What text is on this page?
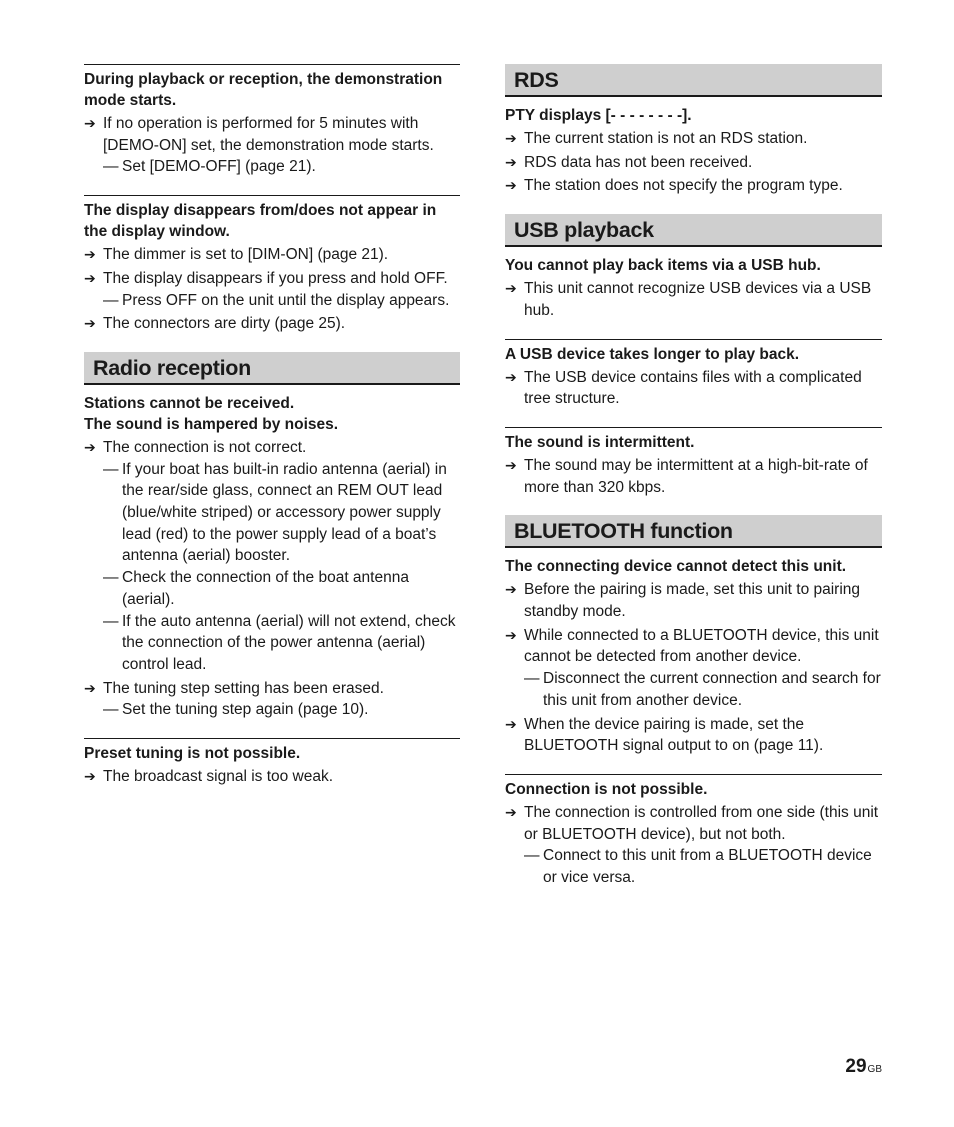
During playback or reception, the demonstration mode starts.
➔ If no operation is performed for 5 minutes with [DEMO-ON] set, the demonstration mode starts.
— Set [DEMO-OFF] (page 21).
The display disappears from/does not appear in the display window.
➔ The dimmer is set to [DIM-ON] (page 21).
➔ The display disappears if you press and hold OFF.
— Press OFF on the unit until the display appears.
➔ The connectors are dirty (page 25).
Radio reception
Stations cannot be received.
The sound is hampered by noises.
➔ The connection is not correct.
— If your boat has built-in radio antenna (aerial) in the rear/side glass, connect an REM OUT lead (blue/white striped) or accessory power supply lead (red) to the power supply lead of a boat’s antenna (aerial) booster.
— Check the connection of the boat antenna (aerial).
— If the auto antenna (aerial) will not extend, check the connection of the power antenna (aerial) control lead.
➔ The tuning step setting has been erased.
— Set the tuning step again (page 10).
Preset tuning is not possible.
➔ The broadcast signal is too weak.
RDS
PTY displays [- - - - - - - -].
➔ The current station is not an RDS station.
➔ RDS data has not been received.
➔ The station does not specify the program type.
USB playback
You cannot play back items via a USB hub.
➔ This unit cannot recognize USB devices via a USB hub.
A USB device takes longer to play back.
➔ The USB device contains files with a complicated tree structure.
The sound is intermittent.
➔ The sound may be intermittent at a high-bit-rate of more than 320 kbps.
BLUETOOTH function
The connecting device cannot detect this unit.
➔ Before the pairing is made, set this unit to pairing standby mode.
➔ While connected to a BLUETOOTH device, this unit cannot be detected from another device.
— Disconnect the current connection and search for this unit from another device.
➔ When the device pairing is made, set the BLUETOOTH signal output to on (page 11).
Connection is not possible.
➔ The connection is controlled from one side (this unit or BLUETOOTH device), but not both.
— Connect to this unit from a BLUETOOTH device or vice versa.
29GB
